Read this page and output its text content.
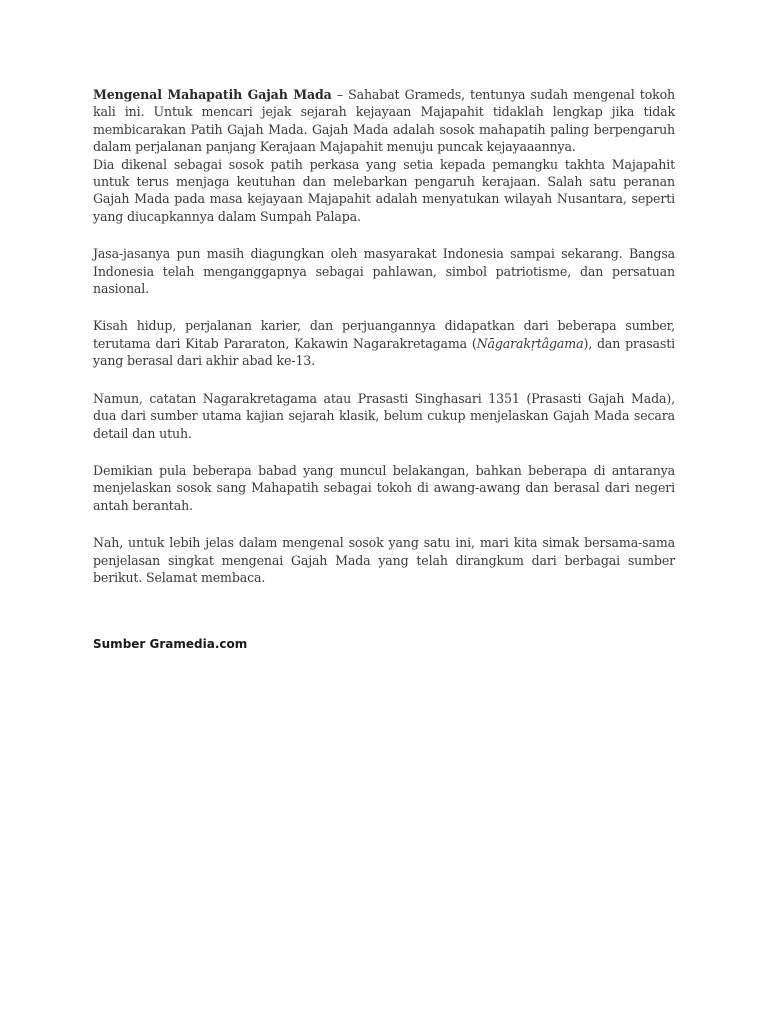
Mengenal Mahapatih Gajah Mada – Sahabat Grameds, tentunya sudah mengenal tokoh kali ini. Untuk mencari jejak sejarah kejayaan Majapahit tidaklah lengkap jika tidak membicarakan Patih Gajah Mada. Gajah Mada adalah sosok mahapatih paling berpengaruh dalam perjalanan panjang Kerajaan Majapahit menuju puncak kejayaaannya.

Dia dikenal sebagai sosok patih perkasa yang setia kepada pemangku takhta Majapahit untuk terus menjaga keutuhan dan melebarkan pengaruh kerajaan. Salah satu peranan Gajah Mada pada masa kejayaan Majapahit adalah menyatukan wilayah Nusantara, seperti yang diucapkannya dalam Sumpah Palapa.

Jasa-jasanya pun masih diagungkan oleh masyarakat Indonesia sampai sekarang. Bangsa Indonesia telah menganggapnya sebagai pahlawan, simbol patriotisme, dan persatuan nasional.

Kisah hidup, perjalanan karier, dan perjuangannya didapatkan dari beberapa sumber, terutama dari Kitab Pararaton, Kakawin Nagarakretagama (Nāgarakṛtâgama), dan prasasti yang berasal dari akhir abad ke-13.

Namun, catatan Nagarakretagama atau Prasasti Singhasari 1351 (Prasasti Gajah Mada), dua dari sumber utama kajian sejarah klasik, belum cukup menjelaskan Gajah Mada secara detail dan utuh.

Demikian pula beberapa babad yang muncul belakangan, bahkan beberapa di antaranya menjelaskan sosok sang Mahapatih sebagai tokoh di awang-awang dan berasal dari negeri antah berantah.

Nah, untuk lebih jelas dalam mengenal sosok yang satu ini, mari kita simak bersama-sama penjelasan singkat mengenai Gajah Mada yang telah dirangkum dari berbagai sumber berikut. Selamat membaca.

Sumber Gramedia.com
